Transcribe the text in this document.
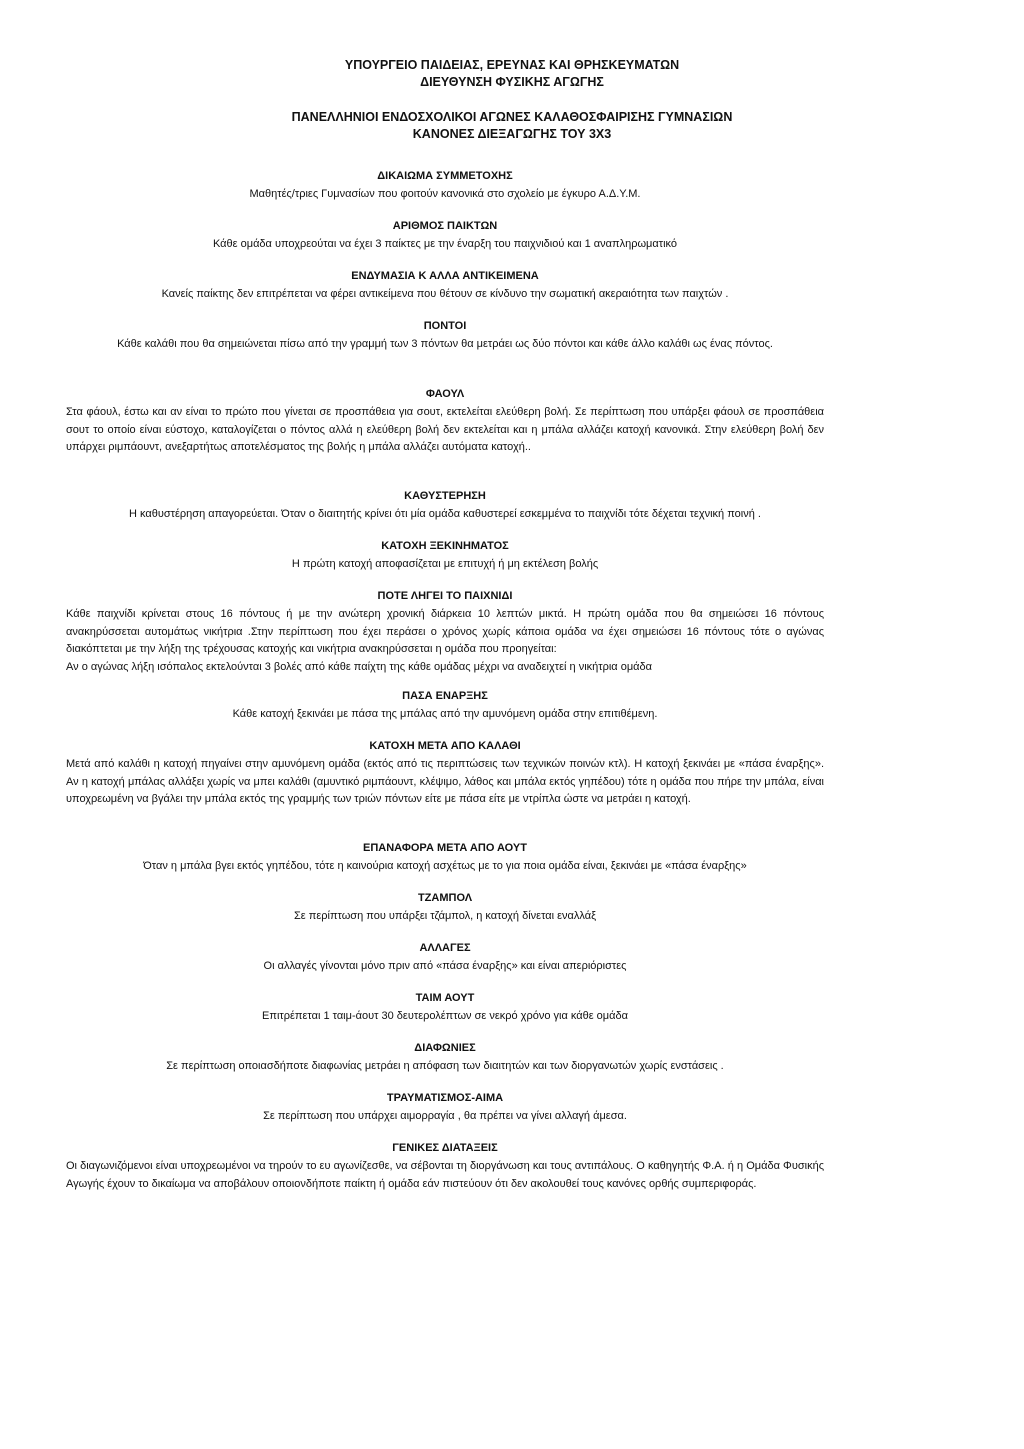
ΥΠΟΥΡΓΕΙΟ ΠΑΙΔΕΙΑΣ, ΕΡΕΥΝΑΣ ΚΑΙ ΘΡΗΣΚΕΥΜΑΤΩΝ
ΔΙΕΥΘΥΝΣΗ ΦΥΣΙΚΗΣ ΑΓΩΓΗΣ
ΠΑΝΕΛΛΗΝΙΟΙ ΕΝΔΟΣΧΟΛΙΚΟΙ ΑΓΩΝΕΣ ΚΑΛΑΘΟΣΦΑΙΡΙΣΗΣ ΓΥΜΝΑΣΙΩΝ
ΚΑΝΟΝΕΣ ΔΙΕΞΑΓΩΓΗΣ ΤΟΥ 3Χ3
ΔΙΚΑΙΩΜΑ ΣΥΜΜΕΤΟΧΗΣ

Μαθητές/τριες Γυμνασίων που φοιτούν κανονικά στο σχολείο με έγκυρο Α.Δ.Υ.Μ.

ΑΡΙΘΜΟΣ ΠΑΙΚΤΩΝ

Κάθε ομάδα υποχρεούται να έχει 3 παίκτες με την έναρξη του παιχνιδιού και 1 αναπληρωματικό

ΕΝΔΥΜΑΣΙΑ Κ ΑΛΛΑ ΑΝΤΙΚΕΙΜΕΝΑ

Κανείς παίκτης δεν επιτρέπεται να φέρει αντικείμενα που θέτουν σε κίνδυνο την σωματική ακεραιότητα των παιχτών .

ΠΟΝΤΟΙ

Κάθε καλάθι που θα σημειώνεται πίσω από την γραμμή των 3 πόντων θα μετράει ως δύο πόντοι και κάθε άλλο καλάθι ως ένας πόντος.

ΦΑΟΥΛ

Στα φάουλ, έστω και αν είναι το πρώτο που γίνεται σε προσπάθεια για σουτ, εκτελείται ελεύθερη βολή. Σε περίπτωση που υπάρξει φάουλ σε προσπάθεια σουτ το οποίο είναι εύστοχο, καταλογίζεται ο πόντος αλλά η ελεύθερη βολή δεν εκτελείται και η μπάλα αλλάζει κατοχή κανονικά. Στην ελεύθερη βολή δεν υπάρχει ριμπάουντ, ανεξαρτήτως αποτελέσματος της βολής η μπάλα αλλάζει αυτόματα κατοχή..

ΚΑΘΥΣΤΕΡΗΣΗ

Η καθυστέρηση απαγορεύεται. Όταν ο διαιτητής κρίνει ότι μία ομάδα καθυστερεί εσκεμμένα το παιχνίδι τότε δέχεται τεχνική ποινή .

ΚΑΤΟΧΗ ΞΕΚΙΝΗΜΑΤΟΣ

Η πρώτη κατοχή αποφασίζεται με επιτυχή ή μη εκτέλεση βολής

ΠΟΤΕ ΛΗΓΕΙ ΤΟ ΠΑΙΧΝΙΔΙ

Κάθε παιχνίδι κρίνεται στους 16 πόντους ή με την ανώτερη χρονική διάρκεια 10 λεπτών μικτά. Η πρώτη ομάδα που θα σημειώσει 16 πόντους ανακηρύσσεται αυτομάτως νικήτρια .Στην περίπτωση που έχει περάσει ο χρόνος χωρίς κάποια ομάδα να έχει σημειώσει 16 πόντους τότε ο αγώνας διακόπτεται με την λήξη της τρέχουσας κατοχής και νικήτρια ανακηρύσσεται η ομάδα που προηγείται:

Αν ο αγώνας λήξη ισόπαλος εκτελούνται 3 βολές από κάθε παίχτη της κάθε ομάδας μέχρι να αναδειχτεί η νικήτρια ομάδα

ΠΑΣΑ ΕΝΑΡΞΗΣ

Κάθε κατοχή ξεκινάει με πάσα της μπάλας από την αμυνόμενη ομάδα στην επιτιθέμενη.

ΚΑΤΟΧΗ ΜΕΤΑ ΑΠΟ ΚΑΛΑΘΙ

Μετά από καλάθι η κατοχή πηγαίνει στην αμυνόμενη ομάδα (εκτός από τις περιπτώσεις των τεχνικών ποινών κτλ). Η κατοχή ξεκινάει με «πάσα έναρξης». Αν η κατοχή μπάλας αλλάξει χωρίς να μπει καλάθι (αμυντικό ριμπάουντ, κλέψιμο, λάθος και μπάλα εκτός γηπέδου) τότε η ομάδα που πήρε την μπάλα, είναι υποχρεωμένη να βγάλει την μπάλα εκτός της γραμμής των τριών πόντων είτε με πάσα είτε με ντρίπλα ώστε να μετράει η κατοχή.

ΕΠΑΝΑΦΟΡΑ ΜΕΤΑ ΑΠΟ ΑΟΥΤ

Όταν η μπάλα βγει εκτός γηπέδου, τότε η καινούρια κατοχή ασχέτως με το για ποια ομάδα είναι, ξεκινάει με «πάσα έναρξης»

ΤΖΑΜΠΟΛ

Σε περίπτωση που υπάρξει τζάμπολ, η κατοχή δίνεται εναλλάξ

ΑΛΛΑΓΕΣ

Οι αλλαγές γίνονται μόνο πριν από «πάσα έναρξης» και είναι απεριόριστες

ΤΑΙΜ ΑΟΥΤ

Επιτρέπεται 1 ταιμ-άουτ 30 δευτερολέπτων σε νεκρό χρόνο για κάθε ομάδα

ΔΙΑΦΩΝΙΕΣ

Σε περίπτωση οποιασδήποτε διαφωνίας μετράει η απόφαση των διαιτητών και των διοργανωτών χωρίς ενστάσεις .

ΤΡΑΥΜΑΤΙΣΜΟΣ-ΑΙΜΑ

Σε περίπτωση που υπάρχει αιμορραγία , θα πρέπει να γίνει αλλαγή άμεσα.

ΓΕΝΙΚΕΣ ΔΙΑΤΑΞΕΙΣ

Οι διαγωνιζόμενοι είναι υποχρεωμένοι να τηρούν το ευ αγωνίζεσθε, να σέβονται τη διοργάνωση και τους αντιπάλους. Ο καθηγητής Φ.Α. ή η Ομάδα Φυσικής Αγωγής έχουν το δικαίωμα να αποβάλουν οποιονδήποτε παίκτη ή ομάδα εάν πιστεύουν ότι δεν ακολουθεί τους κανόνες ορθής συμπεριφοράς.
